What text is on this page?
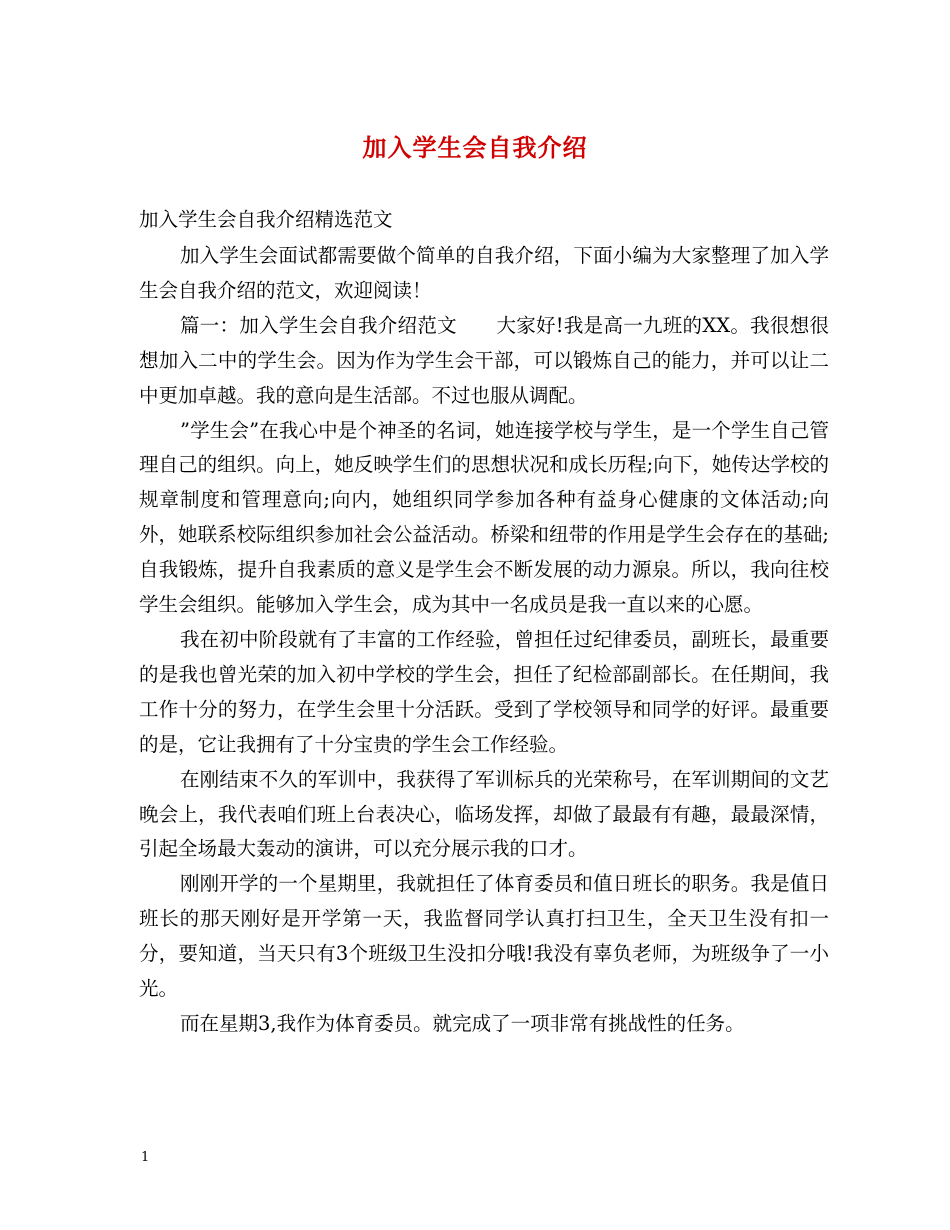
加入学生会自我介绍
加入学生会自我介绍精选范文

加入学生会面试都需要做个简单的自我介绍，下面小编为大家整理了加入学生会自我介绍的范文，欢迎阅读！

篇一：加入学生会自我介绍范文　　大家好!我是高一九班的XX。我很想很想加入二中的学生会。因为作为学生会干部，可以锻炼自己的能力，并可以让二中更加卓越。我的意向是生活部。不过也服从调配。

”学生会”在我心中是个神圣的名词，她连接学校与学生，是一个学生自己管理自己的组织。向上，她反映学生们的思想状况和成长历程;向下，她传达学校的规章制度和管理意向;向内，她组织同学参加各种有益身心健康的文体活动;向外，她联系校际组织参加社会公益活动。桥梁和纽带的作用是学生会存在的基础;自我锻炼，提升自我素质的意义是学生会不断发展的动力源泉。所以，我向往校学生会组织。能够加入学生会，成为其中一名成员是我一直以来的心愿。

我在初中阶段就有了丰富的工作经验，曾担任过纪律委员，副班长，最重要的是我也曾光荣的加入初中学校的学生会，担任了纪检部副部长。在任期间，我工作十分的努力，在学生会里十分活跃。受到了学校领导和同学的好评。最重要的是，它让我拥有了十分宝贵的学生会工作经验。

在刚结束不久的军训中，我获得了军训标兵的光荣称号，在军训期间的文艺晚会上，我代表咱们班上台表决心，临场发挥，却做了最最有有趣，最最深情，引起全场最大轰动的演讲，可以充分展示我的口才。

刚刚开学的一个星期里，我就担任了体育委员和值日班长的职务。我是值日班长的那天刚好是开学第一天，我监督同学认真打扫卫生，全天卫生没有扣一分，要知道，当天只有3个班级卫生没扣分哦!我没有辜负老师，为班级争了一小光。

而在星期3,我作为体育委员。就完成了一项非常有挑战性的任务。

1
